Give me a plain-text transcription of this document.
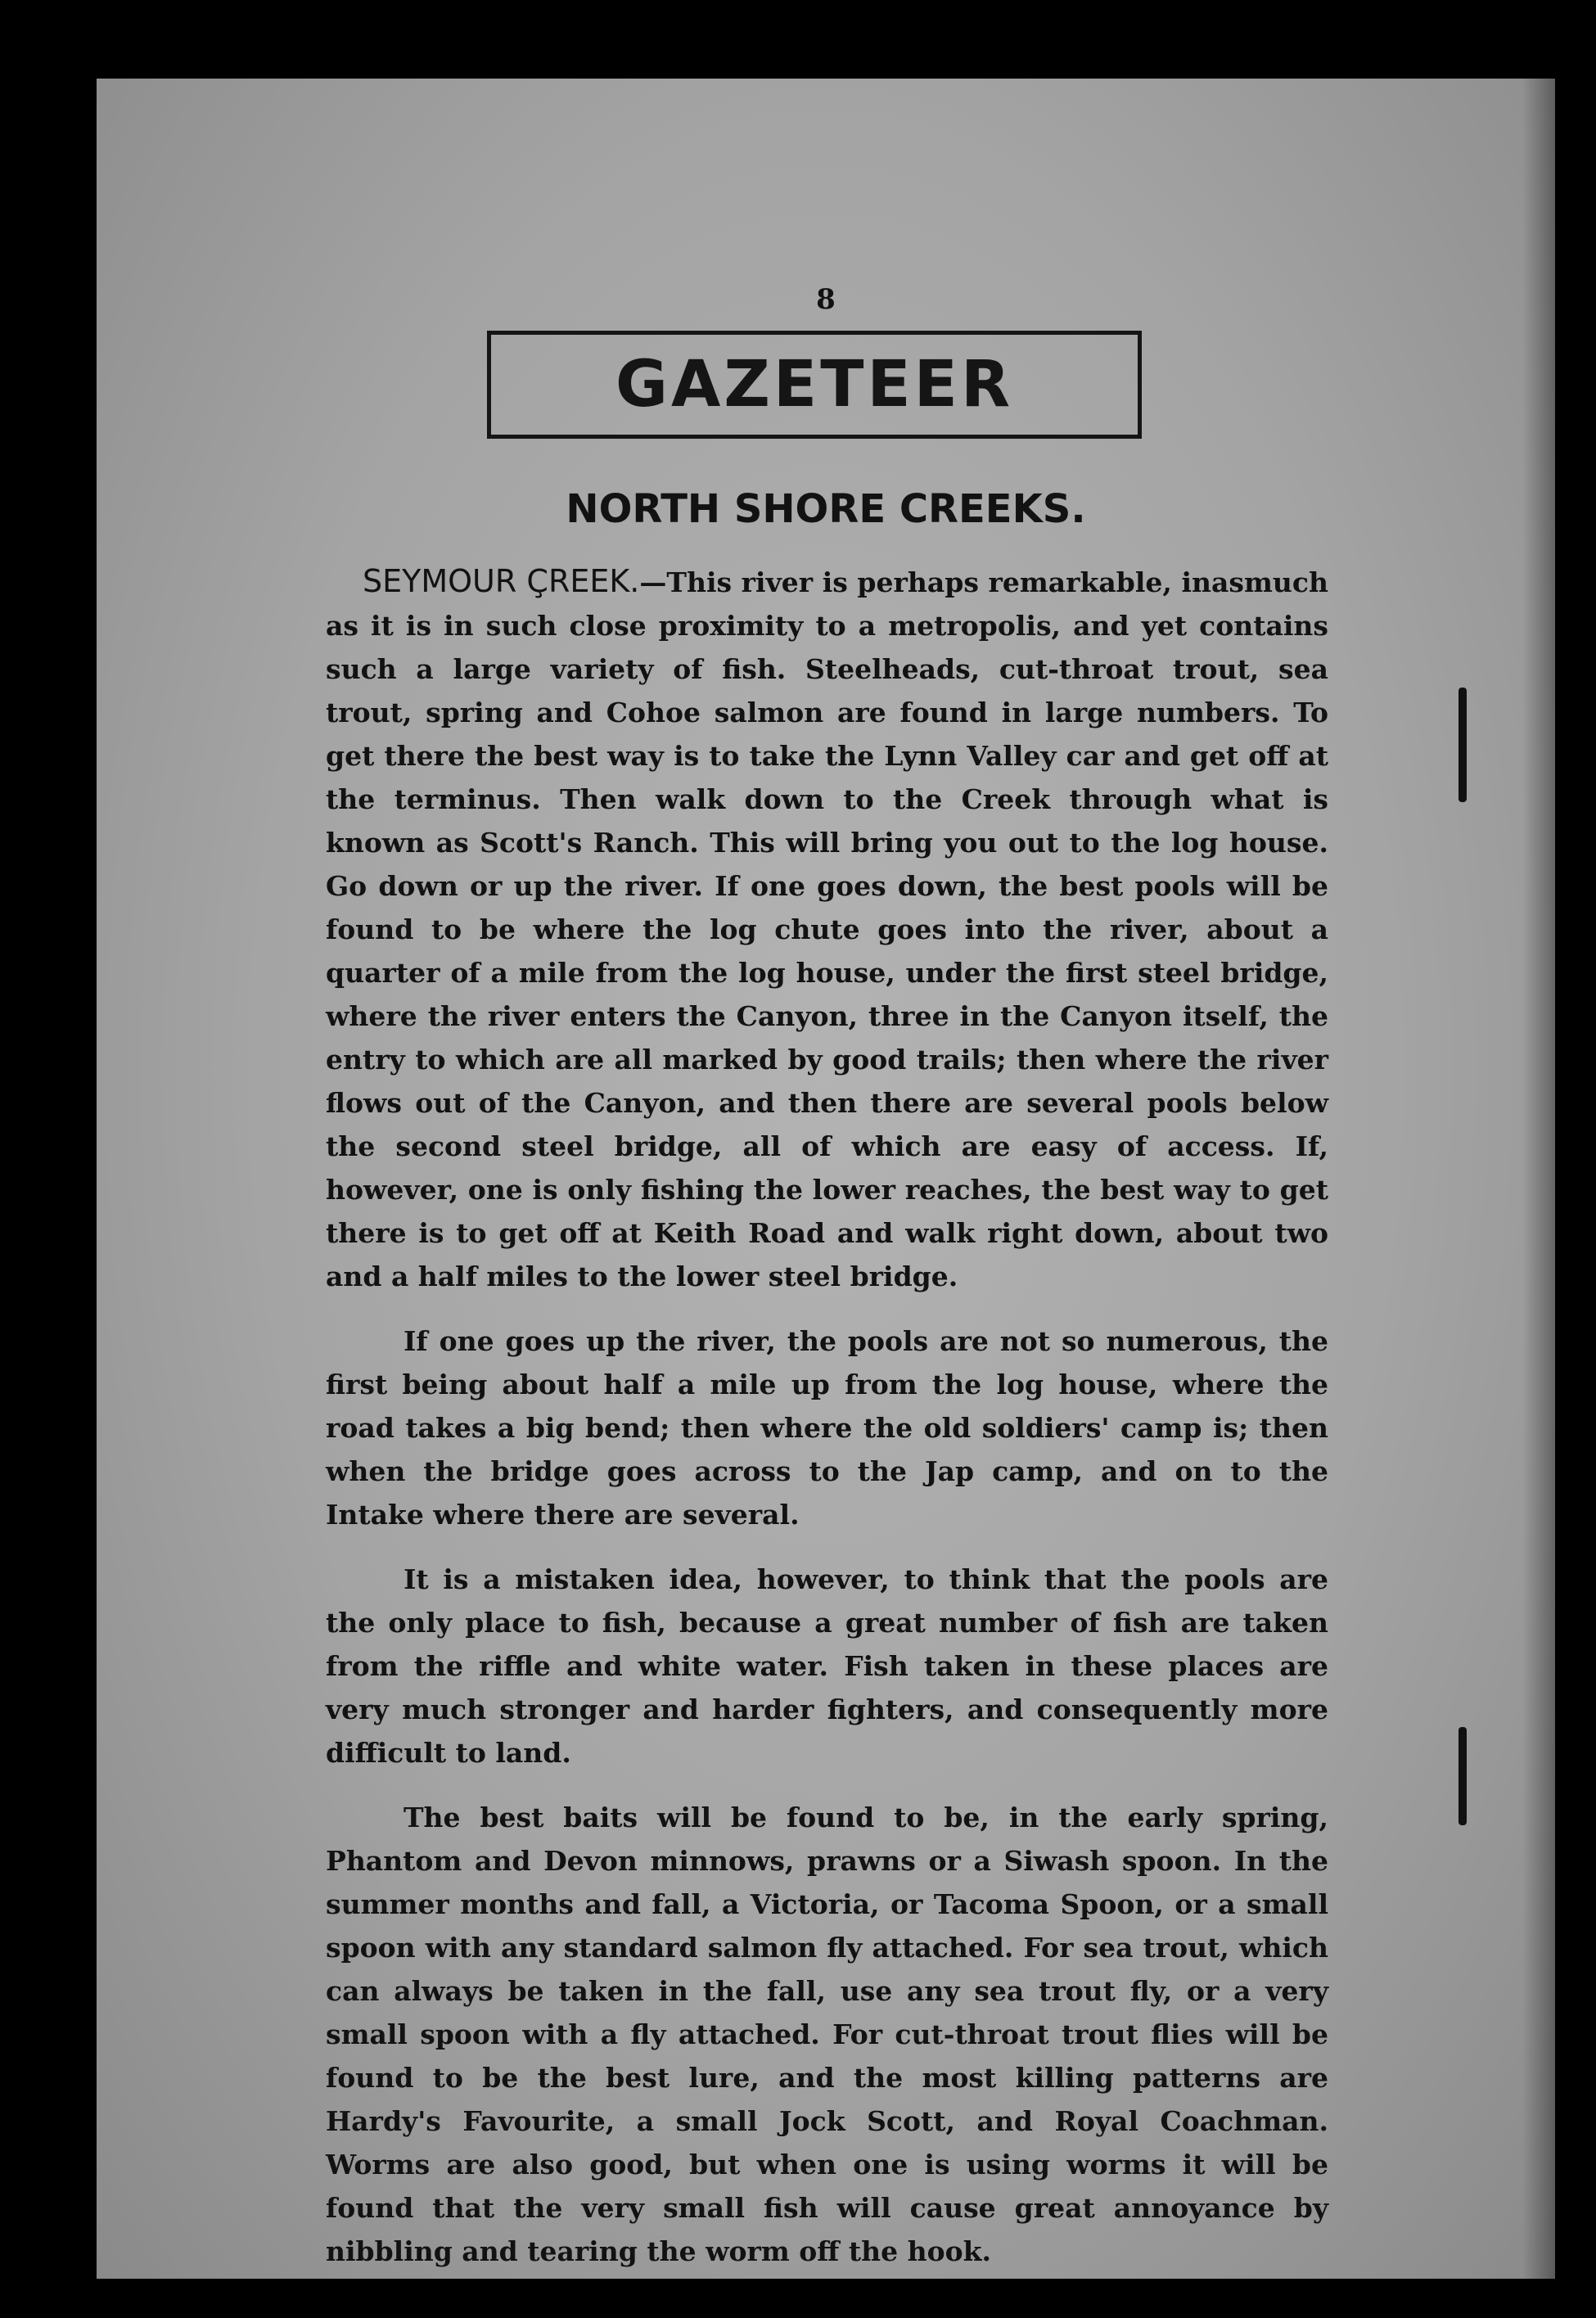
8
GAZETEER
NORTH SHORE CREEKS.

SEYMOUR ÇREEK.—This river is perhaps remarkable, inasmuch as it is in such close proximity to a metropolis, and yet contains such a large variety of fish. Steelheads, cut-throat trout, sea trout, spring and Cohoe salmon are found in large numbers. To get there the best way is to take the Lynn Valley car and get off at the terminus. Then walk down to the Creek through what is known as Scott's Ranch. This will bring you out to the log house. Go down or up the river. If one goes down, the best pools will be found to be where the log chute goes into the river, about a quarter of a mile from the log house, under the first steel bridge, where the river enters the Canyon, three in the Canyon itself, the entry to which are all marked by good trails; then where the river flows out of the Canyon, and then there are several pools below the second steel bridge, all of which are easy of access. If, however, one is only fishing the lower reaches, the best way to get there is to get off at Keith Road and walk right down, about two and a half miles to the lower steel bridge.

If one goes up the river, the pools are not so numerous, the first being about half a mile up from the log house, where the road takes a big bend; then where the old soldiers' camp is; then when the bridge goes across to the Jap camp, and on to the Intake where there are several.

It is a mistaken idea, however, to think that the pools are the only place to fish, because a great number of fish are taken from the riffle and white water. Fish taken in these places are very much stronger and harder fighters, and consequently more difficult to land.

The best baits will be found to be, in the early spring, Phantom and Devon minnows, prawns or a Siwash spoon. In the summer months and fall, a Victoria, or Tacoma Spoon, or a small spoon with any standard salmon fly attached. For sea trout, which can always be taken in the fall, use any sea trout fly, or a very small spoon with a fly attached. For cut-throat trout flies will be found to be the best lure, and the most killing patterns are Hardy's Favourite, a small Jock Scott, and Royal Coachman. Worms are also good, but when one is using worms it will be found that the very small fish will cause great annoyance by nibbling and tearing the worm off the hook.
